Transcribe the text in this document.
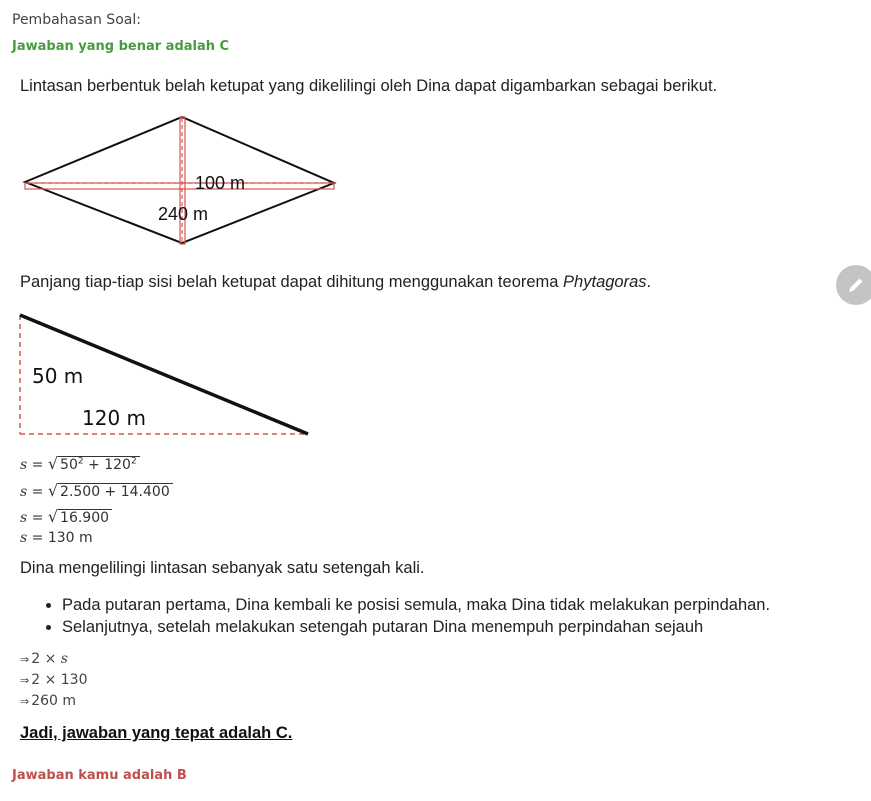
Pembahasan Soal:
Jawaban yang benar adalah C
Lintasan berbentuk belah ketupat yang dikelilingi oleh Dina dapat digambarkan sebagai berikut.
100 m
240 m
Panjang tiap-tiap sisi belah ketupat dapat dihitung menggunakan teorema Phytagoras.
50 m
120 m
s = √ $50^2 + 120^2$
s = √ 2.500 + 14.400
s = √ 16.900
s = 130 m
Dina mengelilingi lintasan sebanyak satu setengah kali.
• Pada putaran pertama, Dina kembali ke posisi semula, maka Dina tidak melakukan perpindahan.
• Selanjutnya, setelah melakukan setengah putaran Dina menempuh perpindahan sejauh
⇒ 2 × s
⇒ 2 × 130
⇒ 260 m
Jadi, jawaban yang tepat adalah C.
Jawaban kamu adalah B
